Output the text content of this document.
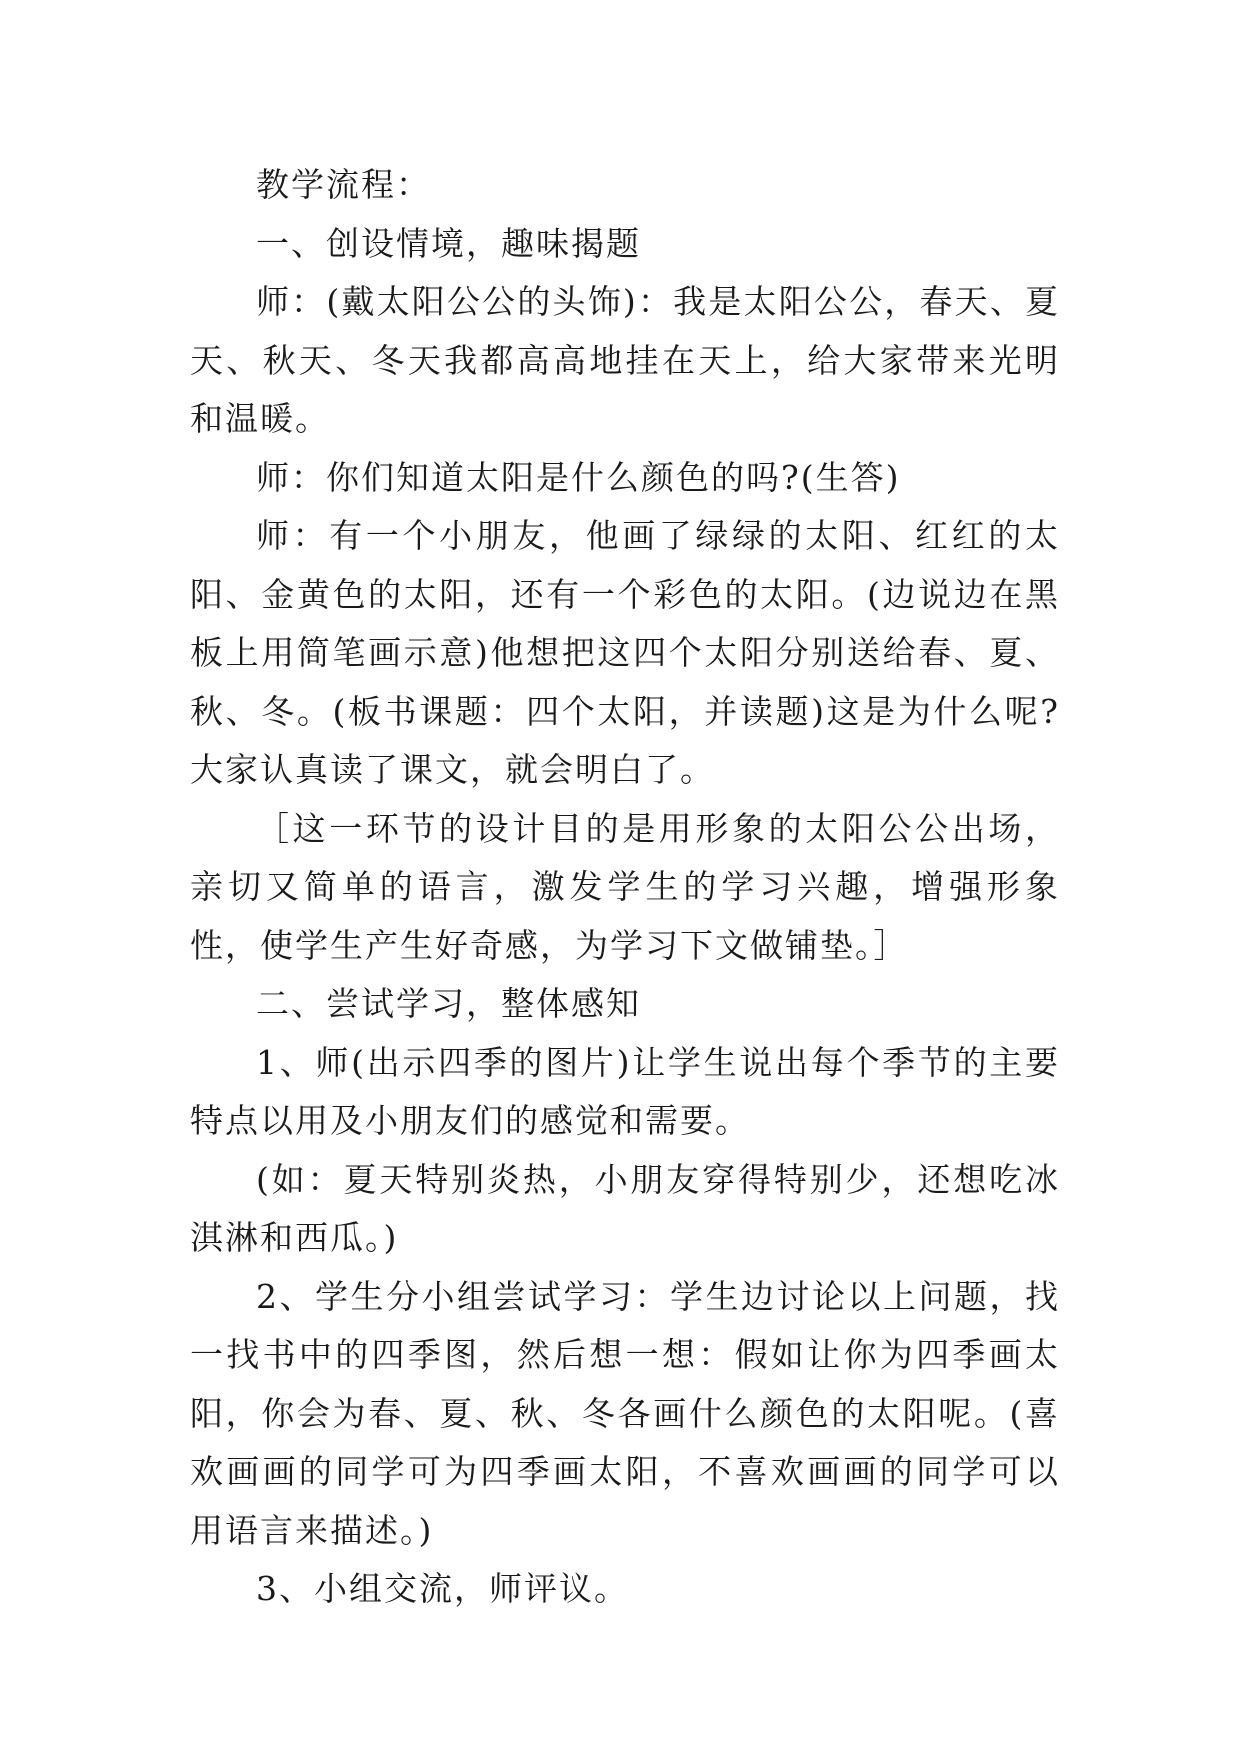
教学流程：

一、创设情境，趣味揭题

师：(戴太阳公公的头饰)：我是太阳公公，春天、夏天、秋天、冬天我都高高地挂在天上，给大家带来光明和温暖。

师：你们知道太阳是什么颜色的吗?(生答)

师：有一个小朋友，他画了绿绿的太阳、红红的太阳、金黄色的太阳，还有一个彩色的太阳。(边说边在黑板上用简笔画示意)他想把这四个太阳分别送给春、夏、秋、冬。(板书课题：四个太阳，并读题)这是为什么呢?大家认真读了课文，就会明白了。

［这一环节的设计目的是用形象的太阳公公出场，亲切又简单的语言，激发学生的学习兴趣，增强形象性，使学生产生好奇感，为学习下文做铺垫。］

二、尝试学习，整体感知

1、师(出示四季的图片)让学生说出每个季节的主要特点以用及小朋友们的感觉和需要。

(如：夏天特别炎热，小朋友穿得特别少，还想吃冰淇淋和西瓜。)

2、学生分小组尝试学习：学生边讨论以上问题，找一找书中的四季图，然后想一想：假如让你为四季画太阳，你会为春、夏、秋、冬各画什么颜色的太阳呢。(喜欢画画的同学可为四季画太阳，不喜欢画画的同学可以用语言来描述。)

3、小组交流，师评议。
